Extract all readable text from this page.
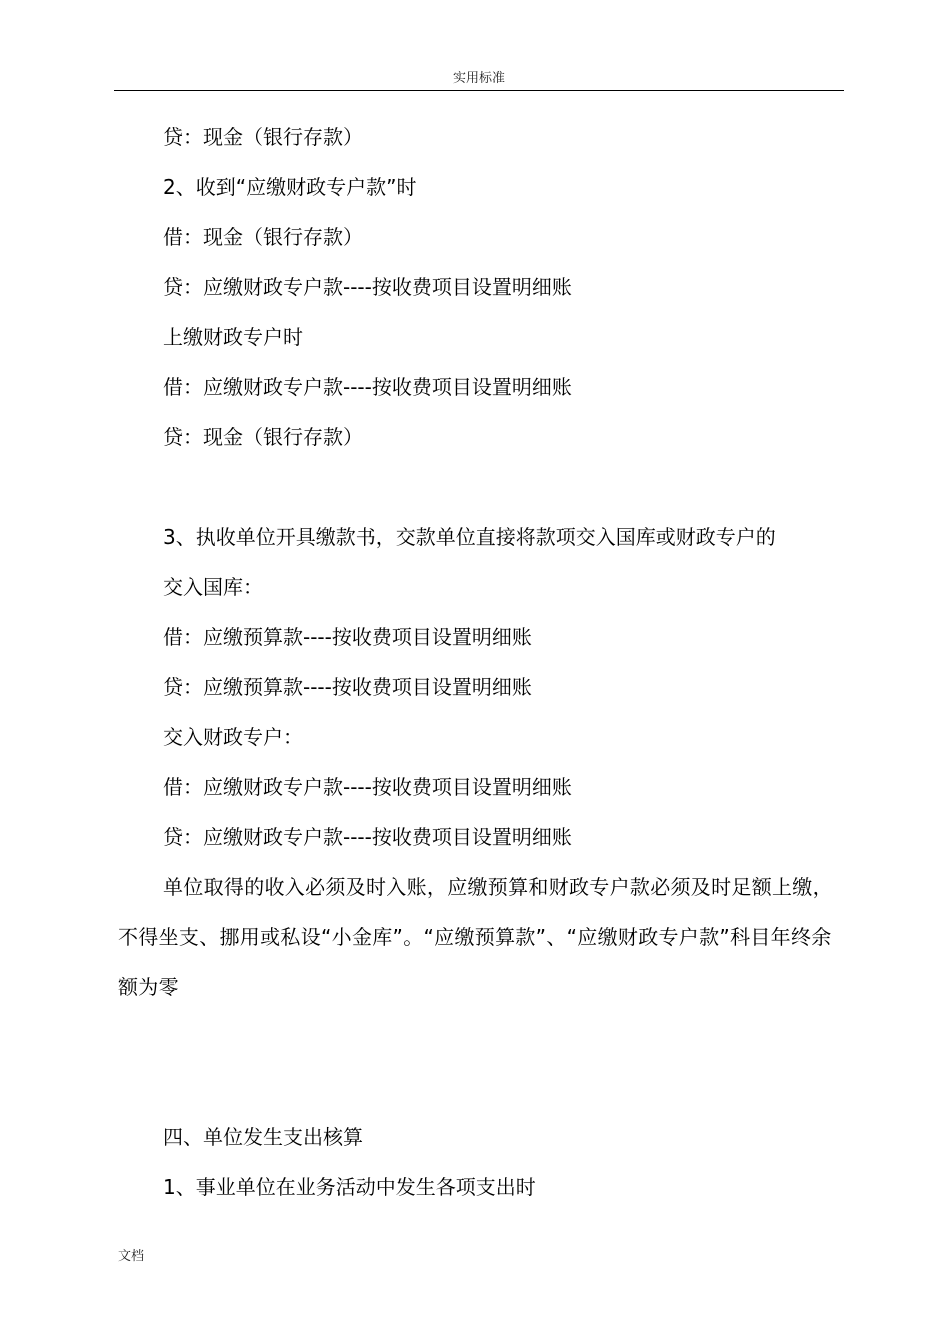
实用标准
贷：现金（银行存款）
2、收到“应缴财政专户款”时
借：现金（银行存款）
贷：应缴财政专户款----按收费项目设置明细账
上缴财政专户时
借：应缴财政专户款----按收费项目设置明细账
贷：现金（银行存款）
3、执收单位开具缴款书，交款单位直接将款项交入国库或财政专户的
交入国库：
借：应缴预算款----按收费项目设置明细账
贷：应缴预算款----按收费项目设置明细账
交入财政专户：
借：应缴财政专户款----按收费项目设置明细账
贷：应缴财政专户款----按收费项目设置明细账
单位取得的收入必须及时入账，应缴预算和财政专户款必须及时足额上缴，不得坐支、挪用或私设“小金库”。“应缴预算款”、“应缴财政专户款”科目年终余额为零
四、单位发生支出核算
1、事业单位在业务活动中发生各项支出时
文档
